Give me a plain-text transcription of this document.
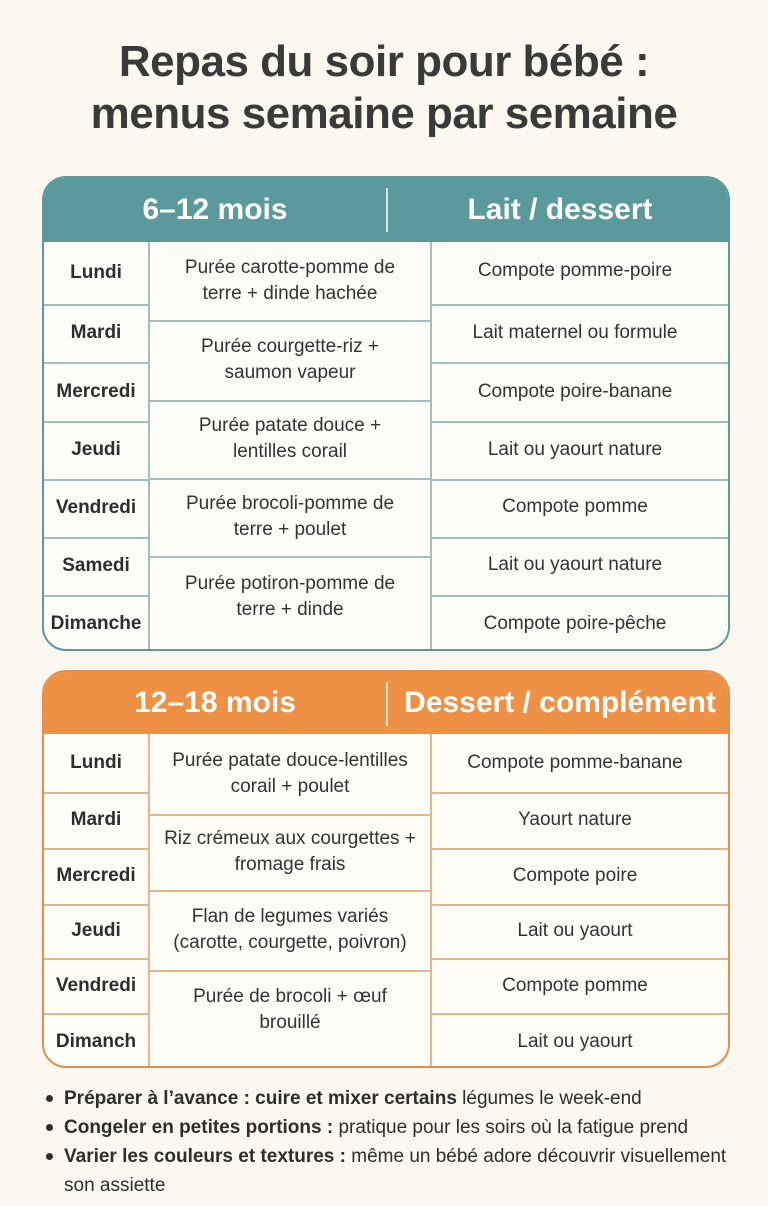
Repas du soir pour bébé :
menus semaine par semaine
6–12 mois	Lait / dessert
Lundi
Mardi
Mercredi
Jeudi
Vendredi
Samedi
Dimanche
Purée carotte-pomme de terre + dinde hachée
Purée courgette-riz + saumon vapeur
Purée patate douce + lentilles corail
Purée brocoli-pomme de terre + poulet
Purée potiron-pomme de terre + dinde
Compote pomme-poire
Lait maternel ou formule
Compote poire-banane
Lait ou yaourt nature
Compote pomme
Lait ou yaourt nature
Compote poire-pêche
12–18 mois	Dessert / complément
Lundi
Mardi
Mercredi
Jeudi
Vendredi
Dimanch
Purée patate douce-lentilles corail + poulet
Riz crémeux aux courgettes + fromage frais
Flan de legumes variés (carotte, courgette, poivron)
Purée de brocoli + œuf brouillé
Compote pomme-banane
Yaourt nature
Compote poire
Lait ou yaourt
Compote pomme
Lait ou yaourt
Préparer à l’avance : cuire et mixer certains légumes le week-end
Congeler en petites portions : pratique pour les soirs où la fatigue prend
Varier les couleurs et textures : même un bébé adore découvrir visuellement son assiette
